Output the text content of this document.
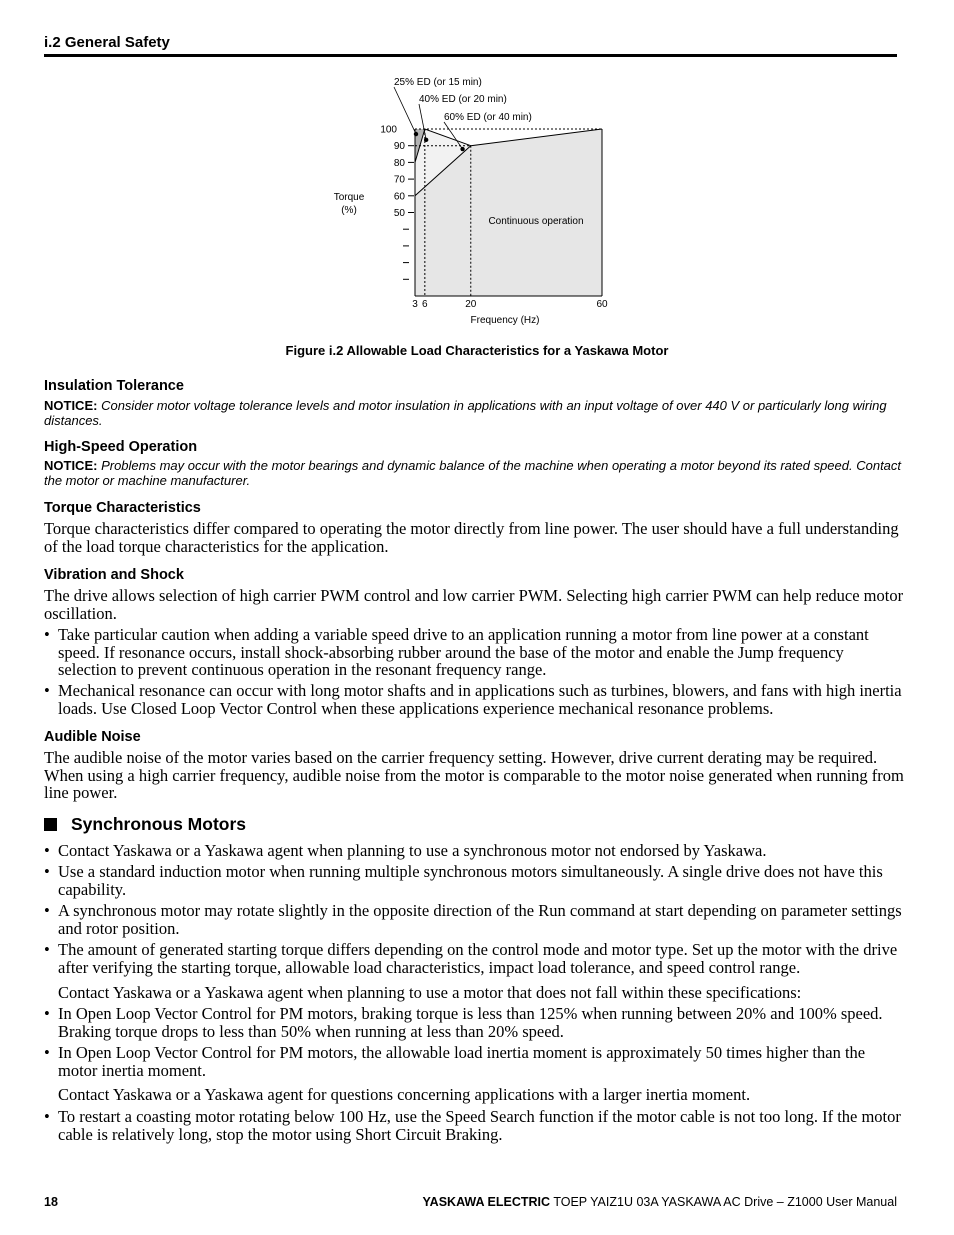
i.2 General Safety
100
90
80
70
60
50
3 6	20	60
25% ED (or 15 min)
40% ED (or 20 min)
60% ED (or 40 min)
Torque
(%)
Continuous operation
Frequency (Hz)
Figure i.2 Allowable Load Characteristics for a Yaskawa Motor
Insulation Tolerance
NOTICE: Consider motor voltage tolerance levels and motor insulation in applications with an input voltage of over 440 V or particularly long wiring distances.
High-Speed Operation
NOTICE: Problems may occur with the motor bearings and dynamic balance of the machine when operating a motor beyond its rated speed. Contact the motor or machine manufacturer.
Torque Characteristics
Torque characteristics differ compared to operating the motor directly from line power. The user should have a full understanding of the load torque characteristics for the application.
Vibration and Shock
The drive allows selection of high carrier PWM control and low carrier PWM. Selecting high carrier PWM can help reduce motor oscillation.
• Take particular caution when adding a variable speed drive to an application running a motor from line power at a constant speed. If resonance occurs, install shock-absorbing rubber around the base of the motor and enable the Jump frequency selection to prevent continuous operation in the resonant frequency range.
• Mechanical resonance can occur with long motor shafts and in applications such as turbines, blowers, and fans with high inertia loads. Use Closed Loop Vector Control when these applications experience mechanical resonance problems.
Audible Noise
The audible noise of the motor varies based on the carrier frequency setting. However, drive current derating may be required. When using a high carrier frequency, audible noise from the motor is comparable to the motor noise generated when running from line power.
Synchronous Motors
• Contact Yaskawa or a Yaskawa agent when planning to use a synchronous motor not endorsed by Yaskawa.
• Use a standard induction motor when running multiple synchronous motors simultaneously. A single drive does not have this capability.
• A synchronous motor may rotate slightly in the opposite direction of the Run command at start depending on parameter settings and rotor position.
• The amount of generated starting torque differs depending on the control mode and motor type. Set up the motor with the drive after verifying the starting torque, allowable load characteristics, impact load tolerance, and speed control range.
Contact Yaskawa or a Yaskawa agent when planning to use a motor that does not fall within these specifications:
• In Open Loop Vector Control for PM motors, braking torque is less than 125% when running between 20% and 100% speed. Braking torque drops to less than 50% when running at less than 20% speed.
• In Open Loop Vector Control for PM motors, the allowable load inertia moment is approximately 50 times higher than the motor inertia moment.
Contact Yaskawa or a Yaskawa agent for questions concerning applications with a larger inertia moment.
• To restart a coasting motor rotating below 100 Hz, use the Speed Search function if the motor cable is not too long. If the motor cable is relatively long, stop the motor using Short Circuit Braking.
18	YASKAWA ELECTRIC TOEP YAIZ1U 03A YASKAWA AC Drive – Z1000 User Manual
